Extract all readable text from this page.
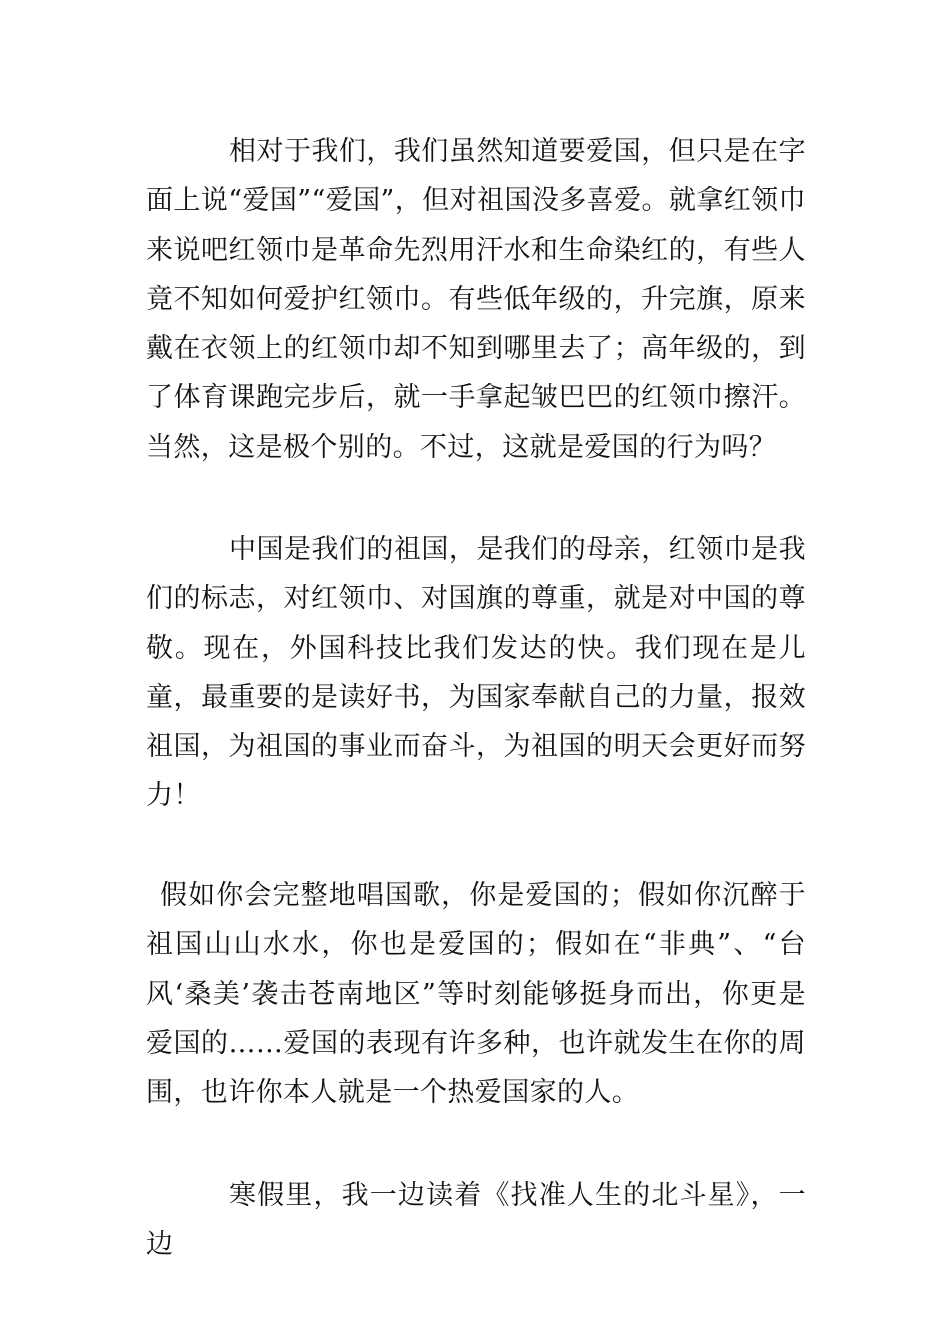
相对于我们，我们虽然知道要爱国，但只是在字面上说“爱国”“爱国”，但对祖国没多喜爱。就拿红领巾来说吧红领巾是革命先烈用汗水和生命染红的，有些人竟不知如何爱护红领巾。有些低年级的，升完旗，原来戴在衣领上的红领巾却不知到哪里去了；高年级的，到了体育课跑完步后，就一手拿起皱巴巴的红领巾擦汗。当然，这是极个别的。不过，这就是爱国的行为吗？

中国是我们的祖国，是我们的母亲，红领巾是我们的标志，对红领巾、对国旗的尊重，就是对中国的尊敬。现在，外国科技比我们发达的快。我们现在是儿童，最重要的是读好书，为国家奉献自己的力量，报效祖国，为祖国的事业而奋斗，为祖国的明天会更好而努力！

假如你会完整地唱国歌，你是爱国的；假如你沉醉于祖国山山水水，你也是爱国的；假如在“非典”、“台风‘桑美’袭击苍南地区”等时刻能够挺身而出，你更是爱国的……爱国的表现有许多种，也许就发生在你的周围，也许你本人就是一个热爱国家的人。

寒假里，我一边读着《找准人生的北斗星》，一边
